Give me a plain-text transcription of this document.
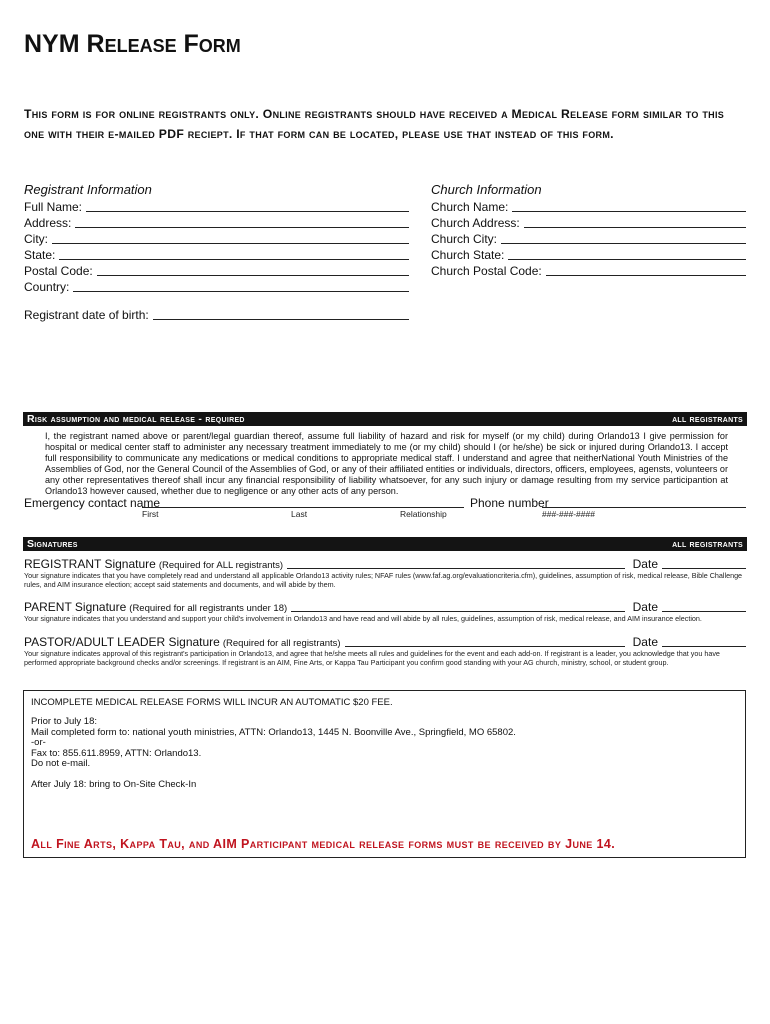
NYM Release Form
This form is for online registrants only. Online registrants should have received a Medical Release form similar to this one with their e-mailed PDF reciept. If that form can be located, please use that instead of this form.
Registrant Information
Full Name:
Address:
City:
State:
Postal Code:
Country:
Registrant date of birth:
Church Information
Church Name:
Church Address:
Church City:
Church State:
Church Postal Code:
Risk assumption and medical release - required	all registrants
I, the registrant named above or parent/legal guardian thereof, assume full liability of hazard and risk for myself (or my child) during Orlando13 I give permission for hospital or medical center staff to administer any necessary treatment immediately to me (or my child) should I (or he/she) be sick or injured during Orlando13. I accept full responsibility to communicate any medications or medical conditions to appropriate medical staff. I understand and agree that neitherNational Youth Ministries of the Assemblies of God, nor the General Council of the Assemblies of God, or any of their affiliated entities or individuals, directors, officers, employees, agensts, volunteers or any other representatives thereof shall incur any financial responsibility of liability whatsoever, for any such injury or damage resulting from my service participantion at Orlando13 however caused, whether due to negligence or any other acts of any person.
Emergency contact name
First	Last	Relationship
Phone number
###-###-####
Signatures	all registrants
REGISTRANT Signature (Required for ALL registrants)	Date
Your signature indicates that you have completely read and understand all applicable Orlando13 activity rules; NFAF rules (www.faf.ag.org/evaluationcriteria.cfm), guidelines, assumption of risk, medical release, Bible Challenge rules, and AIM insurance election; accept said statements and documents, and will abide by them.
PARENT Signature (Required for all registrants under 18)	Date
Your signature indicates that you understand and support your child's involvement in Orlando13 and have read and will abide by all rules, guidelines, assumption of risk, medical release, and AIM insurance election.
PASTOR/ADULT LEADER Signature (Required for all registrants)	Date
Your signature indicates approval of this registrant's participation in Orlando13, and agree that he/she meets all rules and guidelines for the event and each add-on. If registrant is a leader, you acknowledge that you have performed appropriate background checks and/or screenings. If registrant is an AIM, Fine Arts, or Kappa Tau Participant you confirm good standing with your AG church, ministry, school, or student group.
INCOMPLETE MEDICAL RELEASE FORMS WILL INCUR AN AUTOMATIC $20 FEE.
Prior to July 18:
Mail completed form to: national youth ministries, ATTN: Orlando13, 1445 N. Boonville Ave., Springfield, MO 65802.
-or-
Fax to: 855.611.8959, ATTN: Orlando13.
Do not e-mail.
After July 18: bring to On-Site Check-In
All Fine Arts, Kappa Tau, and AIM Participant medical release forms must be received by June 14.
